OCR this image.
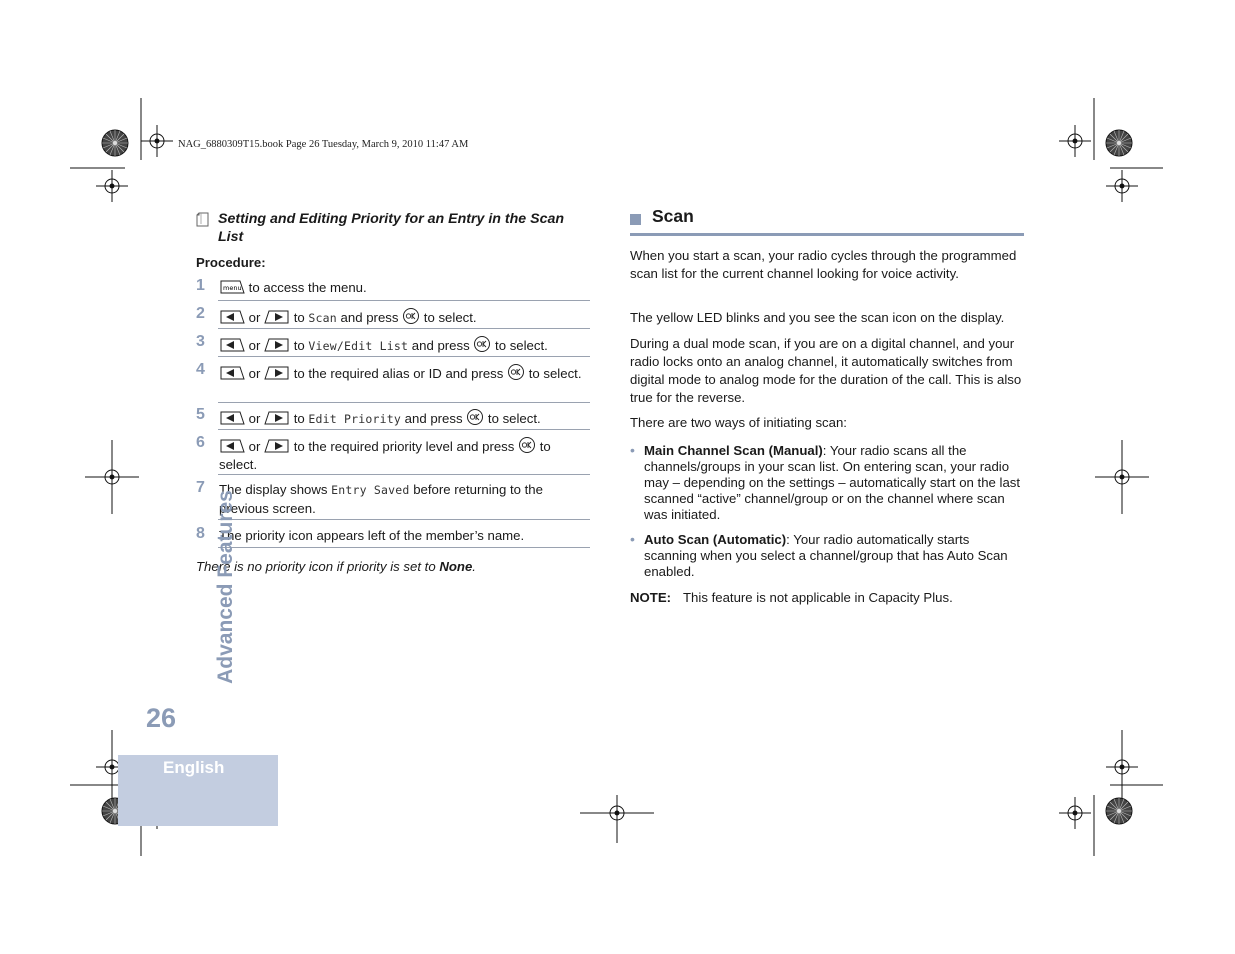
NAG_6880309T15.book Page 26 Tuesday, March 9, 2010 11:47 AM
Setting and Editing Priority for an Entry in the Scan List
Procedure:
1	menu to access the menu.
2	or  to Scan and press  to select.
3	or  to View/Edit List and press  to select.
4	or  to the required alias or ID and press  to select.
5	or  to Edit Priority and press  to select.
6	or  to the required priority level and press  to select.
7 The display shows Entry Saved before returning to the previous screen.
8 The priority icon appears left of the member’s name.
There is no priority icon if priority is set to None.
Scan
When you start a scan, your radio cycles through the programmed scan list for the current channel looking for voice activity.
The yellow LED blinks and you see the scan icon on the display.
During a dual mode scan, if you are on a digital channel, and your radio locks onto an analog channel, it automatically switches from digital mode to analog mode for the duration of the call. This is also true for the reverse.
There are two ways of initiating scan:
• Main Channel Scan (Manual): Your radio scans all the channels/groups in your scan list. On entering scan, your radio may – depending on the settings – automatically start on the last scanned “active” channel/group or on the channel where scan was initiated.
• Auto Scan (Automatic): Your radio automatically starts scanning when you select a channel/group that has Auto Scan enabled.
NOTE: This feature is not applicable in Capacity Plus.
Advanced Features
26
English
